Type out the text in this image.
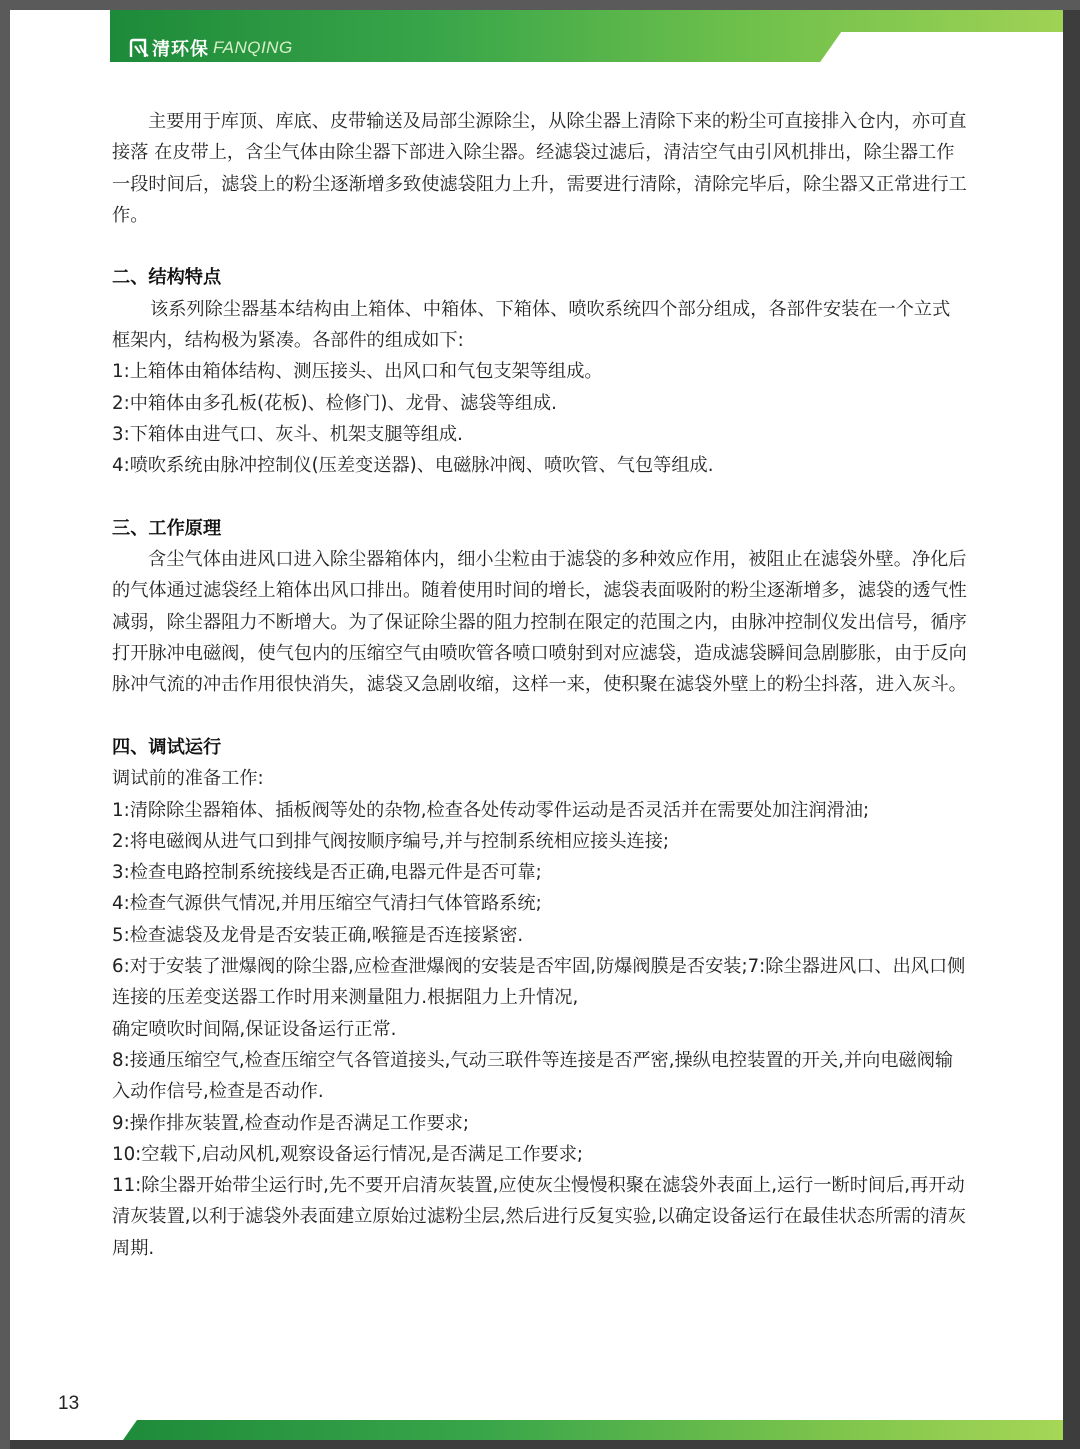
清环保 FANQING

主要用于库顶、库底、皮带输送及局部尘源除尘，从除尘器上清除下来的粉尘可直接排入仓内，亦可直接落 在皮带上，含尘气体由除尘器下部进入除尘器。经滤袋过滤后，清洁空气由引风机排出，除尘器工作一段时间后，滤袋上的粉尘逐渐增多致使滤袋阻力上升，需要进行清除，清除完毕后，除尘器又正常进行工作。

二、结构特点

该系列除尘器基本结构由上箱体、中箱体、下箱体、喷吹系统四个部分组成，各部件安装在一个立式框架内，结构极为紧凑。各部件的组成如下:

1:上箱体由箱体结构、测压接头、出风口和气包支架等组成。

2:中箱体由多孔板(花板)、检修门)、龙骨、滤袋等组成.

3:下箱体由进气口、灰斗、机架支腿等组成.

4:喷吹系统由脉冲控制仪(压差变送器)、电磁脉冲阀、喷吹管、气包等组成.

三、工作原理

含尘气体由进风口进入除尘器箱体内，细小尘粒由于滤袋的多种效应作用，被阻止在滤袋外壁。净化后的气体通过滤袋经上箱体出风口排出。随着使用时间的增长，滤袋表面吸附的粉尘逐渐增多，滤袋的透气性减弱，除尘器阻力不断增大。为了保证除尘器的阻力控制在限定的范围之内，由脉冲控制仪发出信号，循序打开脉冲电磁阀，使气包内的压缩空气由喷吹管各喷口喷射到对应滤袋，造成滤袋瞬间急剧膨胀，由于反向脉冲气流的冲击作用很快消失，滤袋又急剧收缩，这样一来，使积聚在滤袋外壁上的粉尘抖落，进入灰斗。

四、调试运行

调试前的准备工作:

1:清除除尘器箱体、插板阀等处的杂物,检查各处传动零件运动是否灵活并在需要处加注润滑油;

2:将电磁阀从进气口到排气阀按顺序编号,并与控制系统相应接头连接;

3:检查电路控制系统接线是否正确,电器元件是否可靠;

4:检查气源供气情况,并用压缩空气清扫气体管路系统;

5:检查滤袋及龙骨是否安装正确,喉箍是否连接紧密.

6:对于安装了泄爆阀的除尘器,应检查泄爆阀的安装是否牢固,防爆阀膜是否安装;7:除尘器进风口、出风口侧连接的压差变送器工作时用来测量阻力.根据阻力上升情况,

确定喷吹时间隔,保证设备运行正常.

8:接通压缩空气,检查压缩空气各管道接头,气动三联件等连接是否严密,操纵电控装置的开关,并向电磁阀输入动作信号,检查是否动作.

9:操作排灰装置,检查动作是否满足工作要求;

10:空载下,启动风机,观察设备运行情况,是否满足工作要求;

11:除尘器开始带尘运行时,先不要开启清灰装置,应使灰尘慢慢积聚在滤袋外表面上,运行一断时间后,再开动清灰装置,以利于滤袋外表面建立原始过滤粉尘层,然后进行反复实验,以确定设备运行在最佳状态所需的清灰周期.

13
